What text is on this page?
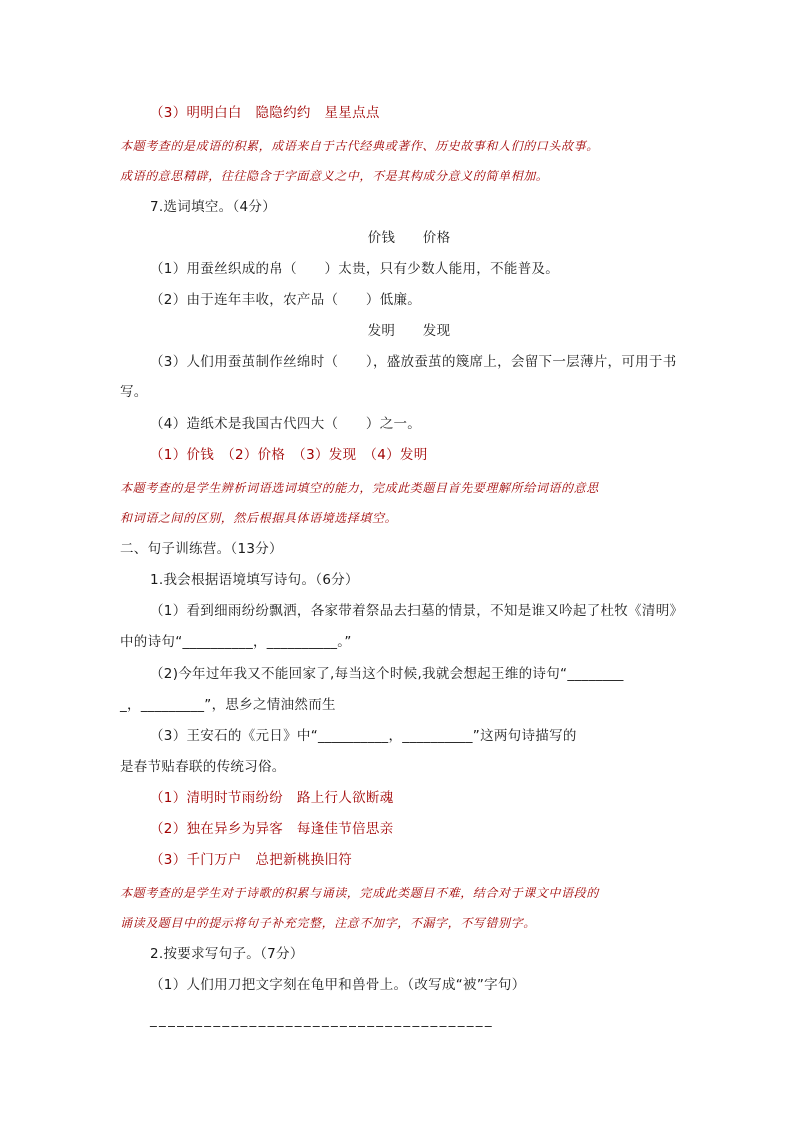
（3）明明白白　隐隐约约　星星点点
本题考查的是成语的积累，成语来自于古代经典或著作、历史故事和人们的口头故事。
成语的意思精辟，往往隐含于字面意义之中，不是其构成分意义的简单相加。
7.选词填空。（4分）
价钱　　价格
（1）用蚕丝织成的帛（　　）太贵，只有少数人能用，不能普及。
（2）由于连年丰收，农产品（　　）低廉。
发明　　发现
（3）人们用蚕茧制作丝绵时（　　），盛放蚕茧的篾席上，会留下一层薄片，可用于书
写。
（4）造纸术是我国古代四大（　　）之一。
（1）价钱　（2）价格　（3）发现　（4）发明
本题考查的是学生辨析词语选词填空的能力，完成此类题目首先要理解所给词语的意思
和词语之间的区别，然后根据具体语境选择填空。
二、句子训练营。（13分）
1.我会根据语境填写诗句。（6分）
（1）看到细雨纷纷飘洒，各家带着祭品去扫墓的情景，不知是谁又吟起了杜牧《清明》
中的诗句“__________，__________。”
（2)今年过年我又不能回家了,每当这个时候,我就会想起王维的诗句“________
_，_________”，思乡之情油然而生
（3）王安石的《元日》中“__________，__________”这两句诗描写的
是春节贴春联的传统习俗。
（1）清明时节雨纷纷　路上行人欲断魂
（2）独在异乡为异客　每逢佳节倍思亲
（3）千门万户　总把新桃换旧符
本题考查的是学生对于诗歌的积累与诵读，完成此类题目不难，结合对于课文中语段的
诵读及题目中的提示将句子补充完整，注意不加字，不漏字，不写错别字。
2.按要求写句子。（7分）
（1）人们用刀把文字刻在龟甲和兽骨上。（改写成“被”字句）
______________________________________
